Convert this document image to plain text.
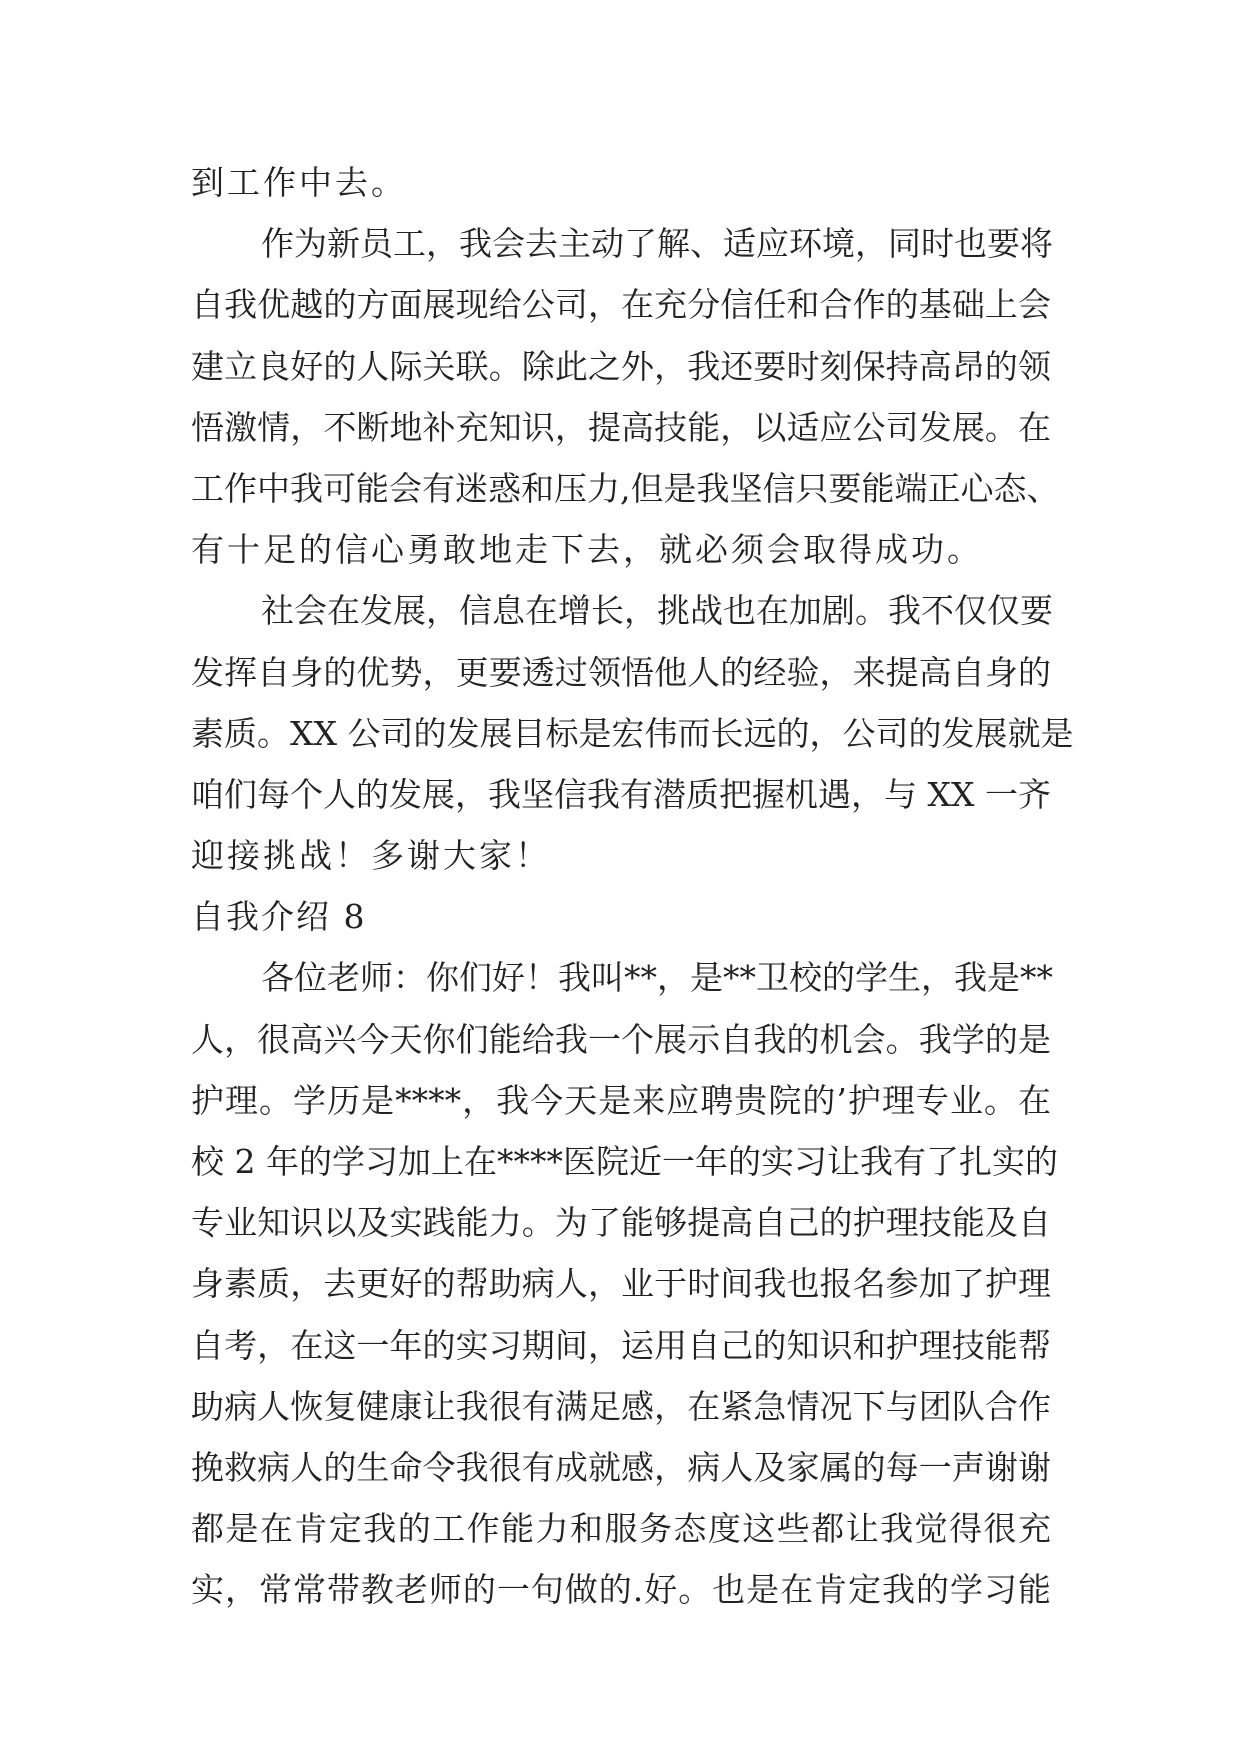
到工作中去。
作为新员工，我会去主动了解、适应环境，同时也要将
自我优越的方面展现给公司，在充分信任和合作的基础上会
建立良好的人际关联。除此之外，我还要时刻保持高昂的领
悟激情，不断地补充知识，提高技能，以适应公司发展。在
工作中我可能会有迷惑和压力,但是我坚信只要能端正心态、
有十足的信心勇敢地走下去，就必须会取得成功。
社会在发展，信息在增长，挑战也在加剧。我不仅仅要
发挥自身的优势，更要透过领悟他人的经验，来提高自身的
素质。XX 公司的发展目标是宏伟而长远的，公司的发展就是
咱们每个人的发展，我坚信我有潜质把握机遇，与 XX 一齐
迎接挑战！多谢大家！
自我介绍 8
各位老师：你们好！我叫**，是**卫校的学生，我是**
人，很高兴今天你们能给我一个展示自我的机会。我学的是
护理。学历是****，我今天是来应聘贵院的’护理专业。在
校 2 年的学习加上在****医院近一年的实习让我有了扎实的
专业知识以及实践能力。为了能够提高自己的护理技能及自
身素质，去更好的帮助病人，业于时间我也报名参加了护理
自考，在这一年的实习期间，运用自己的知识和护理技能帮
助病人恢复健康让我很有满足感，在紧急情况下与团队合作
挽救病人的生命令我很有成就感，病人及家属的每一声谢谢
都是在肯定我的工作能力和服务态度这些都让我觉得很充
实，常常带教老师的一句做的.好。也是在肯定我的学习能
